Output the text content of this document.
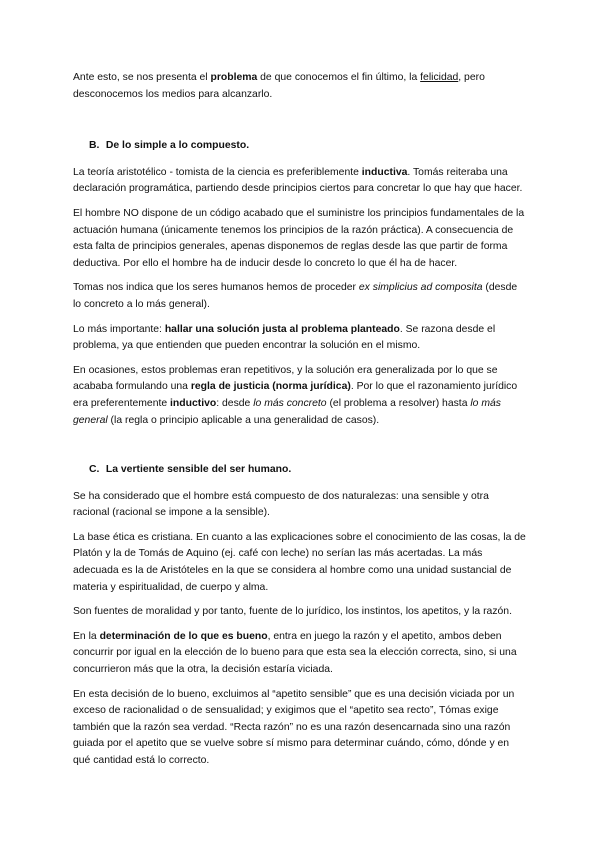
Ante esto, se nos presenta el problema de que conocemos el fin último, la felicidad, pero desconocemos los medios para alcanzarlo.

B. De lo simple a lo compuesto.

La teoría aristotélico - tomista de la ciencia es preferiblemente inductiva. Tomás reiteraba una declaración programática, partiendo desde principios ciertos para concretar lo que hay que hacer.

El hombre NO dispone de un código acabado que el suministre los principios fundamentales de la actuación humana (únicamente tenemos los principios de la razón práctica). A consecuencia de esta falta de principios generales, apenas disponemos de reglas desde las que partir de forma deductiva. Por ello el hombre ha de inducir desde lo concreto lo que él ha de hacer.

Tomas nos indica que los seres humanos hemos de proceder ex simplicius ad composita (desde lo concreto a lo más general).

Lo más importante: hallar una solución justa al problema planteado. Se razona desde el problema, ya que entienden que pueden encontrar la solución en el mismo.

En ocasiones, estos problemas eran repetitivos, y la solución era generalizada por lo que se acababa formulando una regla de justicia (norma jurídica). Por lo que el razonamiento jurídico era preferentemente inductivo: desde lo más concreto (el problema a resolver) hasta lo más general (la regla o principio aplicable a una generalidad de casos).

C. La vertiente sensible del ser humano.

Se ha considerado que el hombre está compuesto de dos naturalezas: una sensible y otra racional (racional se impone a la sensible).

La base ética es cristiana. En cuanto a las explicaciones sobre el conocimiento de las cosas, la de Platón y la de Tomás de Aquino (ej. café con leche) no serían las más acertadas. La más adecuada es la de Aristóteles en la que se considera al hombre como una unidad sustancial de materia y espiritualidad, de cuerpo y alma.

Son fuentes de moralidad y por tanto, fuente de lo jurídico, los instintos, los apetitos, y la razón.

En la determinación de lo que es bueno, entra en juego la razón y el apetito, ambos deben concurrir por igual en la elección de lo bueno para que esta sea la elección correcta, sino, si una concurrieron más que la otra, la decisión estaría viciada.

En esta decisión de lo bueno, excluimos al “apetito sensible” que es una decisión viciada por un exceso de racionalidad o de sensualidad; y exigimos que el “apetito sea recto”, Tómas exige también que la razón sea verdad. “Recta razón” no es una razón desencarnada sino una razón guiada por el apetito que se vuelve sobre sí mismo para determinar cuándo, cómo, dónde y en qué cantidad está lo correcto.
